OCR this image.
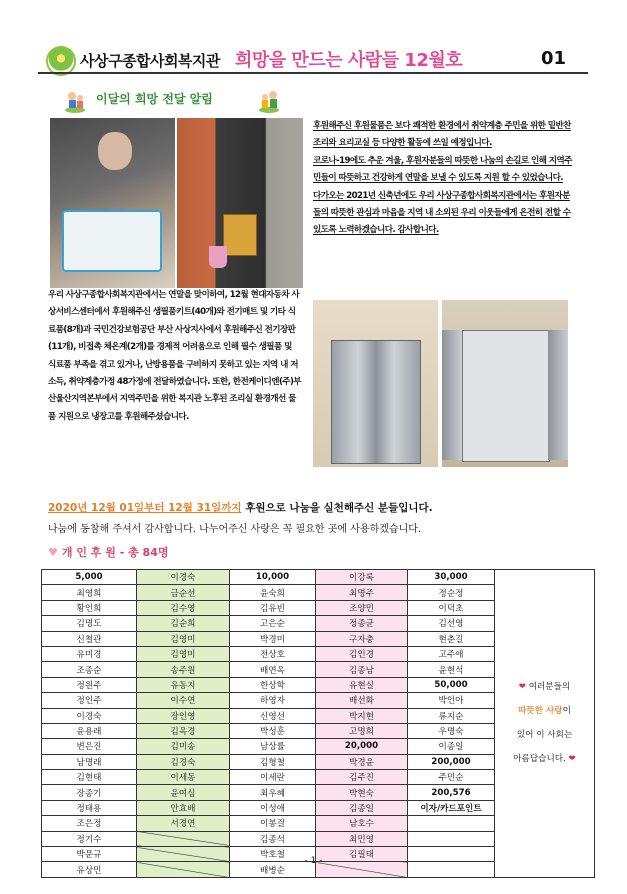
사상구종합사회복지관 희망을 만드는 사람들 12월호	01
이달의 희망 전달 알림

후원해주신 후원물품은 보다 쾌적한 환경에서 취약계층 주민을 위한 밑반찬 조리와 요리교실 등 다양한 활동에 쓰일 예정입니다.

코로나-19에도 추운 겨울, 후원자분들의 따뜻한 나눔의 손길로 인해 지역주민들이 따뜻하고 건강하게 연말을 보낼 수 있도록 지원 할 수 있었습니다.

다가오는 2021년 신축년에도 우리 사상구종합사회복지관에서는 후원자분들의 따뜻한 관심과 마음을 지역 내 소외된 우리 이웃들에게 온전히 전할 수 있도록 노력하겠습니다. 감사합니다.

우리 사상구종합사회복지관에서는 연말을 맞이하여, 12월 현대자동차 사상서비스센터에서 후원해주신 생필품키트(40개)와 전기매트 및 기타 식료품(8개)과 국민건강보험공단 부산 사상지사에서 후원해주신 전기장판(11개), 비접촉 체온계(2개)를 경제적 어려움으로 인해 필수 생필품 및 식료품 부족을 겪고 있거나, 난방용품을 구비하지 못하고 있는 지역 내 저소득, 취약계층가정 48가정에 전달하였습니다. 또한, 한전케이디엔(주)부산울산지역본부에서 지역주민을 위한 복지관 노후된 조리실 환경개선 물품 지원으로 냉장고를 후원해주셨습니다.
2020년 12월 01일부터 12월 31일까지 후원으로 나눔을 실천해주신 분들입니다.
나눔에 동참해 주셔서 감사합니다. 나누어주신 사랑은 꼭 필요한 곳에 사용하겠습니다.
♥ 개 인 후 원 - 총 84명
5,000	이경숙	10,000	이강록	30,000	❤ 여러분들의
따뜻한 사랑이
있어 이 사회는
아름답습니다. ❤

최영희	금순선	윤숙희	최명주	정순정	
황인희	김수영	김유빈	조양민	이덕초	
김명도	김순희	고은순	정종균	김선영	
신철관	김영미	박경미	구자충	현춘길	
유미경	김영미	전상호	김인경	고주애	
조종순	송주원	배연옥	김종남	윤현석	
정원주	유동지	한상학	유현실	50,000	
정인주	이수연	하영자	배선화	박인아	
이경숙	장인영	신영선	박지현	류지순	
윤용래	김옥경	박성훈	고명희	우명숙	
변은진	김미송	남상률	20,000	이종일	
남명래	김경숙	김형철	박경윤	200,000	
김현태	이세동	이세란	김주진	주민순	
장종기	윤여심	최우혜	박현숙	200,576	
정태용	안효배	이성애	김종일	이자/카드포인트	
조은정	서경연	이봉걸	남호수		
정기수		김종석	최민영		
박문규		박호철	김필태		
유상민		배병순			
- 1 -
